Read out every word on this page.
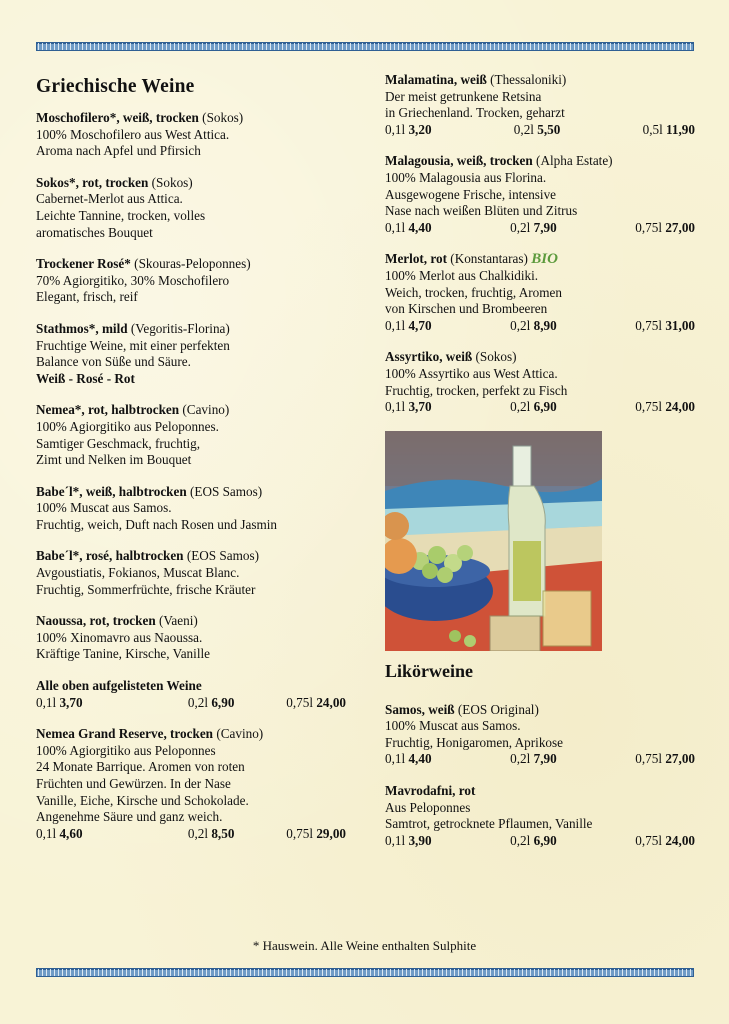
Griechische Weine
Moschofilero*, weiß, trocken (Sokos)
100% Moschofilero aus West Attica.
Aroma nach Apfel und Pfirsich
Sokos*, rot, trocken (Sokos)
Cabernet-Merlot aus Attica.
Leichte Tannine, trocken, volles
aromatisches Bouquet
Trockener Rosé* (Skouras-Peloponnes)
70% Agiorgitiko, 30% Moschofilero
Elegant, frisch, reif
Stathmos*, mild (Vegoritis-Florina)
Fruchtige Weine, mit einer perfekten
Balance von Süße und Säure.
Weiß - Rosé - Rot
Nemea*, rot, halbtrocken (Cavino)
100% Agiorgitiko aus Peloponnes.
Samtiger Geschmack, fruchtig,
Zimt und Nelken im Bouquet
Babe´l*, weiß, halbtrocken (EOS Samos)
100% Muscat aus Samos.
Fruchtig, weich, Duft nach Rosen und Jasmin
Babe´l*, rosé, halbtrocken (EOS Samos)
Avgoustiatis, Fokianos, Muscat Blanc.
Fruchtig, Sommerfrüchte, frische Kräuter
Naoussa, rot, trocken (Vaeni)
100% Xinomavro aus Naoussa.
Kräftige Tanine, Kirsche, Vanille
Alle oben aufgelisteten Weine
0,1l 3,70	0,2l 6,90	0,75l 24,00
Nemea Grand Reserve, trocken (Cavino)
100% Agiorgitiko aus Peloponnes
24 Monate Barrique. Aromen von roten
Früchten und Gewürzen. In der Nase
Vanille, Eiche, Kirsche und Schokolade.
Angenehme Säure und ganz weich.
0,1l 4,60	0,2l 8,50	0,75l 29,00
Malamatina, weiß (Thessaloniki)
Der meist getrunkene Retsina
in Griechenland. Trocken, geharzt
0,1l 3,20	0,2l 5,50	0,5l 11,90
Malagousia, weiß, trocken (Alpha Estate)
100% Malagousia aus Florina.
Ausgewogene Frische, intensive
Nase nach weißen Blüten und Zitrus
0,1l 4,40	0,2l 7,90	0,75l 27,00
Merlot, rot (Konstantaras) BIO
100% Merlot aus Chalkidiki.
Weich, trocken, fruchtig, Aromen
von Kirschen und Brombeeren
0,1l 4,70	0,2l 8,90	0,75l 31,00
Assyrtiko, weiß (Sokos)
100% Assyrtiko aus West Attica.
Fruchtig, trocken, perfekt zu Fisch
0,1l 3,70	0,2l 6,90	0,75l 24,00
Likörweine
Samos, weiß (EOS Original)
100% Muscat aus Samos.
Fruchtig, Honigaromen, Aprikose
0,1l 4,40	0,2l 7,90	0,75l 27,00
Mavrodafni, rot
Aus Peloponnes
Samtrot, getrocknete Pflaumen, Vanille
0,1l 3,90	0,2l 6,90	0,75l 24,00
* Hauswein. Alle Weine enthalten Sulphite
